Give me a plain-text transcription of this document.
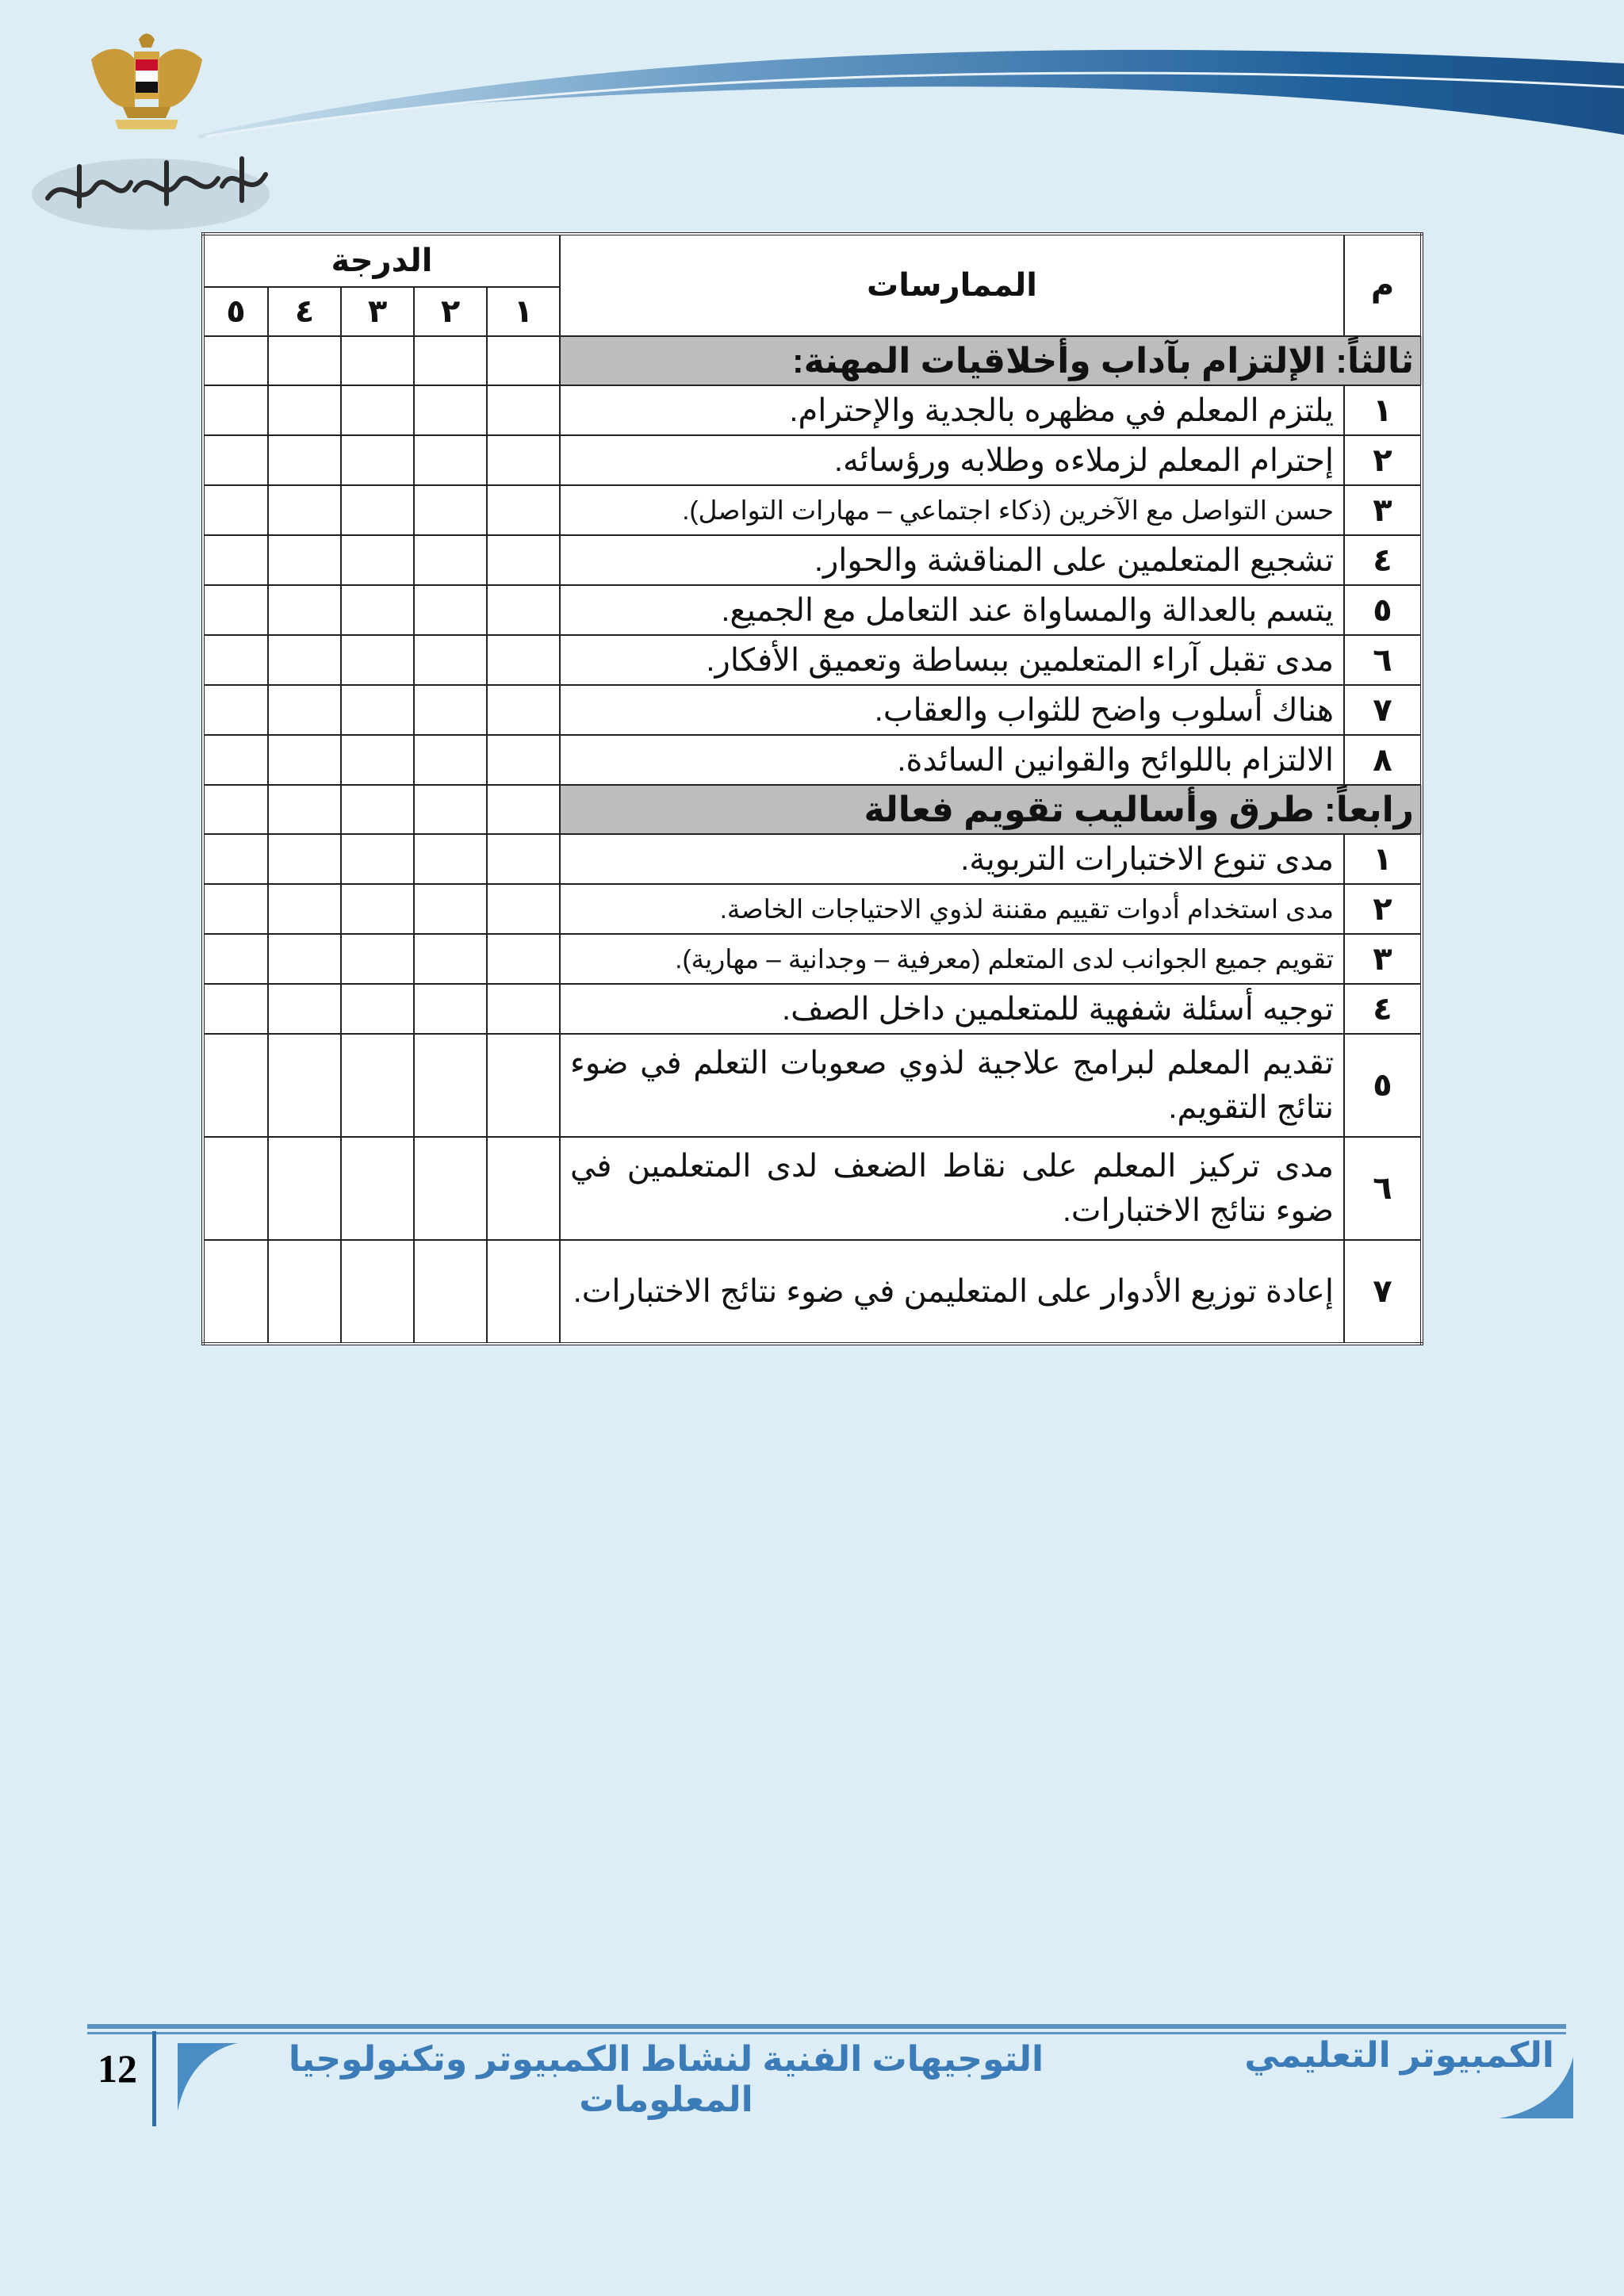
م	الممارسات	الدرجة				
		١	٢	٣	٤	٥
ثالثاً: الإلتزام بآداب وأخلاقيات المهنة:						
١	يلتزم المعلم في مظهره بالجدية والإحترام.					
٢	إحترام المعلم لزملاءه وطلابه ورؤسائه.					
٣	حسن التواصل مع الآخرين (ذكاء اجتماعي – مهارات التواصل).					
٤	تشجيع المتعلمين على المناقشة والحوار.					
٥	يتسم بالعدالة والمساواة عند التعامل مع الجميع.					
٦	مدى تقبل آراء المتعلمين ببساطة وتعميق الأفكار.					
٧	هناك أسلوب واضح للثواب والعقاب.					
٨	الالتزام باللوائح والقوانين السائدة.					
رابعاً: طرق وأساليب تقويم فعالة						
١	مدى تنوع الاختبارات التربوية.					
٢	مدى استخدام أدوات تقييم مقننة لذوي الاحتياجات الخاصة.					
٣	تقويم جميع الجوانب لدى المتعلم (معرفية – وجدانية – مهارية).					
٤	توجيه أسئلة شفهية للمتعلمين داخل الصف.					
٥	تقديم المعلم لبرامج علاجية لذوي صعوبات التعلم في ضوء نتائج التقويم.					
٦	مدى تركيز المعلم على نقاط الضعف لدى المتعلمين في ضوء نتائج الاختبارات.					
٧	إعادة توزيع الأدوار على المتعليمن في ضوء نتائج الاختبارات.					
12	التوجيهات الفنية لنشاط الكمبيوتر وتكنولوجيا المعلومات
الكمبيوتر التعليمي
